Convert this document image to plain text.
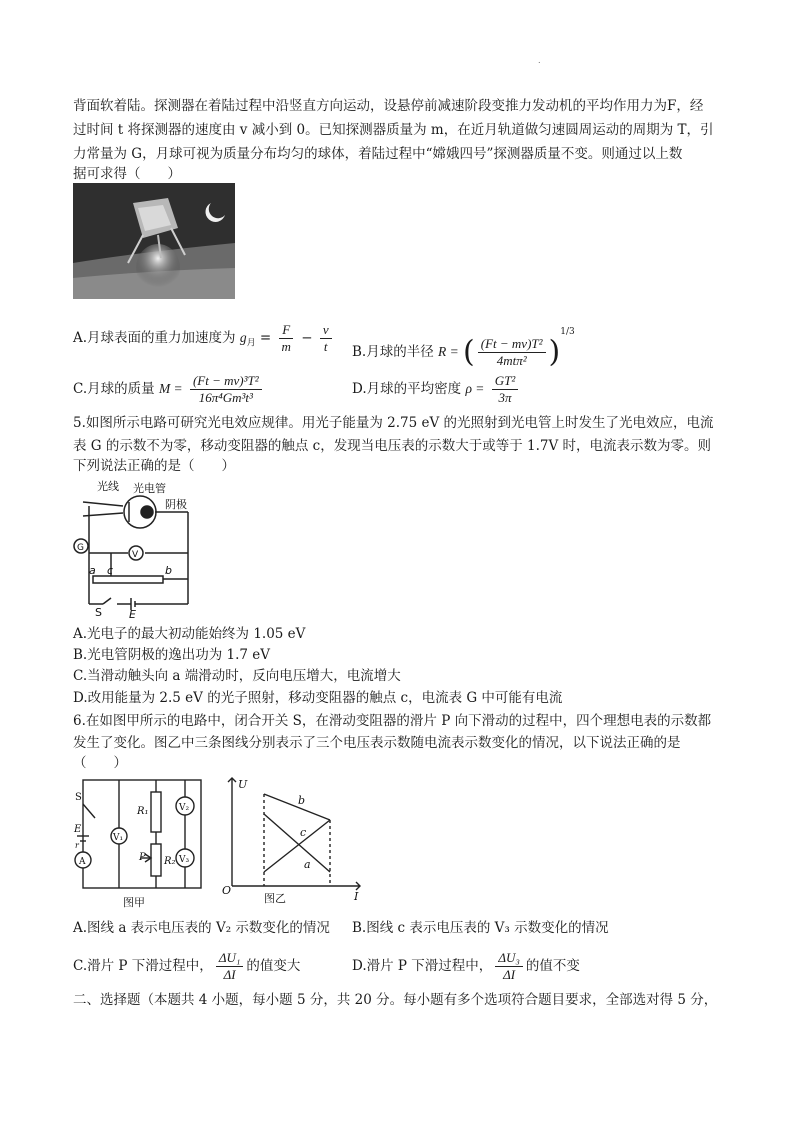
.
背面软着陆。探测器在着陆过程中沿竖直方向运动，设悬停前减速阶段变推力发动机的平均作用力为F，经
过时间 t 将探测器的速度由 v 减小到 0。已知探测器质量为 m，在近月轨道做匀速圆周运动的周期为 T，引
力常量为 G，月球可视为质量分布均匀的球体，着陆过程中“嫦娥四号”探测器质量不变。则通过以上数
据可求得（　　）
A.月球表面的重力加速度为 $g_月 = \frac{F}{m} - \frac{v}{t} B$.月球的半径 R = ( $\frac{\text{(Ft − mv)T²}}{\text{4mtπ²}} )^{1/3}$
C.月球的质量 $M = \frac{\text{(Ft − mv)³T²}}{\text{16π⁴Gm³t³}}$	D.月球的平均密度 $\rho = \frac{\text{GT²}}{3\pi}$
5.如图所示电路可研究光电效应规律。用光子能量为 2.75 eV 的光照射到光电管上时发生了光电效应，电流
表 G 的示数不为零，移动变阻器的触点 c，发现当电压表的示数大于或等于 1.7V 时，电流表示数为零。则
下列说法正确的是（　　）
光线 光电管
阴极
G
V
a c	b
S E
A.光电子的最大初动能始终为 1.05 eV
B.光电管阴极的逸出功为 1.7 eV
C.当滑动触头向 a 端滑动时，反向电压增大，电流增大
D.改用能量为 2.5 eV 的光子照射，移动变阻器的触点 c，电流表 G 中可能有电流
6.在如图甲所示的电路中，闭合开关 S，在滑动变阻器的滑片 P 向下滑动的过程中，四个理想电表的示数都
发生了变化。图乙中三条图线分别表示了三个电压表示数随电流表示数变化的情况，以下说法正确的是
（　　）
S
E
r
A
V₁
R₁	V₂
P R₂ V₃
图甲
U
I
O
b
c
a
图乙
A.图线 a 表示电压表的 V₂ 示数变化的情况 B.图线 c 表示电压表的 V₃ 示数变化的情况
C.滑片 P 下滑过程中， $\frac{\text{ΔU₁}}{\Delta I}$ 的值变大	D.滑片 P 下滑过程中， $\frac{\text{ΔU₃}}{\Delta I}$ 的值不变
二、选择题（本题共 4 小题，每小题 5 分，共 20 分。每小题有多个选项符合题目要求，全部选对得 5 分，
